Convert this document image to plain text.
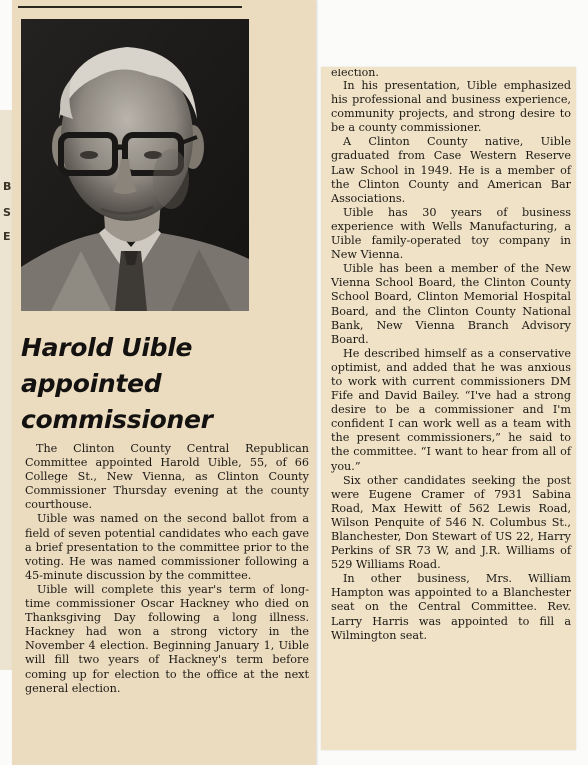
B
S
E
Harold Uible
appointed
commissioner

The Clinton County Central Republican Committee appointed Harold Uible, 55, of 66 College St., New Vienna, as Clinton County Commissioner Thursday evening at the county courthouse.

Uible was named on the second ballot from a field of seven potential candidates who each gave a brief presentation to the committee prior to the voting. He was named commissioner following a 45-minute discussion by the committee.

Uible will complete this year's term of long-time commissioner Oscar Hackney who died on Thanksgiving Day following a long illness. Hackney had won a strong victory in the November 4 election. Beginning January 1, Uible will fill two years of Hackney's term before coming up for election to the office at the next general election.

election.

In his presentation, Uible emphasized his professional and business experience, community projects, and strong desire to be a county commissioner.

A Clinton County native, Uible graduated from Case Western Reserve Law School in 1949. He is a member of the Clinton County and American Bar Associations.

Uible has 30 years of business experience with Wells Manufacturing, a Uible family-operated toy company in New Vienna.

Uible has been a member of the New Vienna School Board, the Clinton County School Board, Clinton Memorial Hospital Board, and the Clinton County National Bank, New Vienna Branch Advisory Board.

He described himself as a conservative optimist, and added that he was anxious to work with current commissioners DM Fife and David Bailey. “I've had a strong desire to be a commissioner and I'm confident I can work well as a team with the present commissioners,” he said to the committee. “I want to hear from all of you.”

Six other candidates seeking the post were Eugene Cramer of 7931 Sabina Road, Max Hewitt of 562 Lewis Road, Wilson Penquite of 546 N. Columbus St., Blanchester, Don Stewart of US 22, Harry Perkins of SR 73 W, and J.R. Williams of 529 Williams Road.

In other business, Mrs. William Hampton was appointed to a Blanchester seat on the Central Committee. Rev. Larry Harris was appointed to fill a Wilmington seat.
